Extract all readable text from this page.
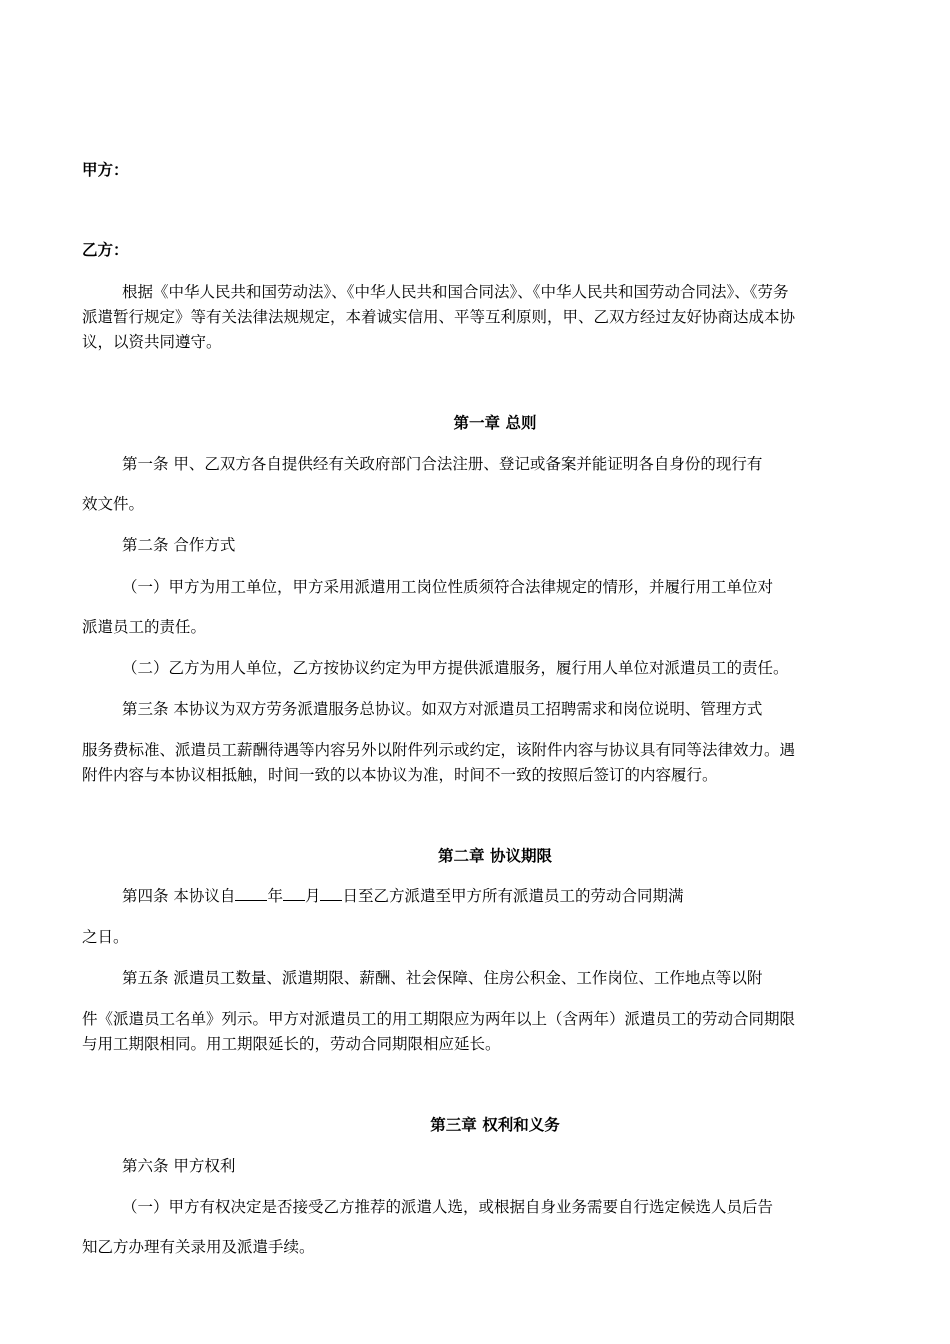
甲方：
乙方：
根据《中华人民共和国劳动法》、《中华人民共和国合同法》、《中华人民共和国劳动合同法》、《劳务
派遣暂行规定》等有关法律法规规定，本着诚实信用、平等互利原则，甲、乙双方经过友好协商达成本协
议，以资共同遵守。
第一章 总则
第一条 甲、乙双方各自提供经有关政府部门合法注册、登记或备案并能证明各自身份的现行有
效文件。
第二条 合作方式
（一）甲方为用工单位，甲方采用派遣用工岗位性质须符合法律规定的情形，并履行用工单位对
派遣员工的责任。
（二）乙方为用人单位，乙方按协议约定为甲方提供派遣服务，履行用人单位对派遣员工的责任。
第三条 本协议为双方劳务派遣服务总协议。如双方对派遣员工招聘需求和岗位说明、管理方式
服务费标准、派遣员工薪酬待遇等内容另外以附件列示或约定，该附件内容与协议具有同等法律效力。遇
附件内容与本协议相抵触，时间一致的以本协议为准，时间不一致的按照后签订的内容履行。
第二章 协议期限
第四条 本协议自 年 月 日至乙方派遣至甲方所有派遣员工的劳动合同期满
之日。
第五条 派遣员工数量、派遣期限、薪酬、社会保障、住房公积金、工作岗位、工作地点等以附
件《派遣员工名单》列示。甲方对派遣员工的用工期限应为两年以上（含两年）派遣员工的劳动合同期限
与用工期限相同。用工期限延长的，劳动合同期限相应延长。
第三章 权利和义务
第六条 甲方权利
（一）甲方有权决定是否接受乙方推荐的派遣人选，或根据自身业务需要自行选定候选人员后告
知乙方办理有关录用及派遣手续。
